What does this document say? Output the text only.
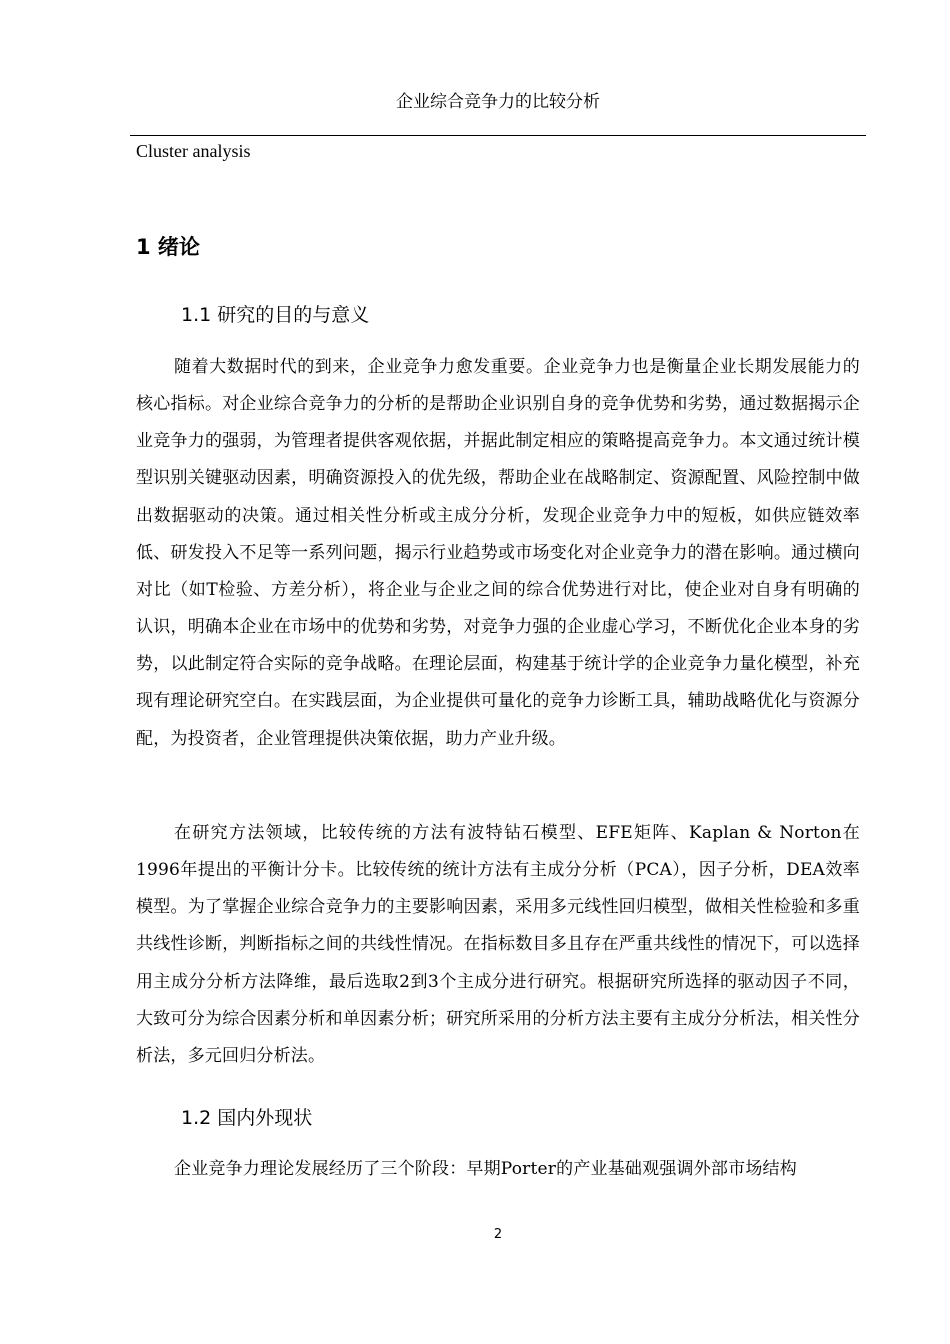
企业综合竞争力的比较分析
Cluster analysis
1 绪论
1.1 研究的目的与意义
随着大数据时代的到来，企业竞争力愈发重要。企业竞争力也是衡量企业长期发展能力的核心指标。对企业综合竞争力的分析的是帮助企业识别自身的竞争优势和劣势，通过数据揭示企业竞争力的强弱，为管理者提供客观依据，并据此制定相应的策略提高竞争力。本文通过统计模型识别关键驱动因素，明确资源投入的优先级，帮助企业在战略制定、资源配置、风险控制中做出数据驱动的决策。通过相关性分析或主成分分析，发现企业竞争力中的短板，如供应链效率低、研发投入不足等一系列问题，揭示行业趋势或市场变化对企业竞争力的潜在影响。通过横向对比（如T检验、方差分析），将企业与企业之间的综合优势进行对比，使企业对自身有明确的认识，明确本企业在市场中的优势和劣势，对竞争力强的企业虚心学习，不断优化企业本身的劣势，以此制定符合实际的竞争战略。在理论层面，构建基于统计学的企业竞争力量化模型，补充现有理论研究空白。在实践层面，为企业提供可量化的竞争力诊断工具，辅助战略优化与资源分配，为投资者，企业管理提供决策依据，助力产业升级。
在研究方法领域，比较传统的方法有波特钻石模型、EFE矩阵、Kaplan & Norton在1996年提出的平衡计分卡。比较传统的统计方法有主成分分析（PCA），因子分析，DEA效率模型。为了掌握企业综合竞争力的主要影响因素，采用多元线性回归模型，做相关性检验和多重共线性诊断，判断指标之间的共线性情况。在指标数目多且存在严重共线性的情况下，可以选择用主成分分析方法降维，最后选取2到3个主成分进行研究。根据研究所选择的驱动因子不同，大致可分为综合因素分析和单因素分析；研究所采用的分析方法主要有主成分分析法，相关性分析法，多元回归分析法。
1.2 国内外现状
企业竞争力理论发展经历了三个阶段：早期Porter的产业基础观强调外部市场结构
2
